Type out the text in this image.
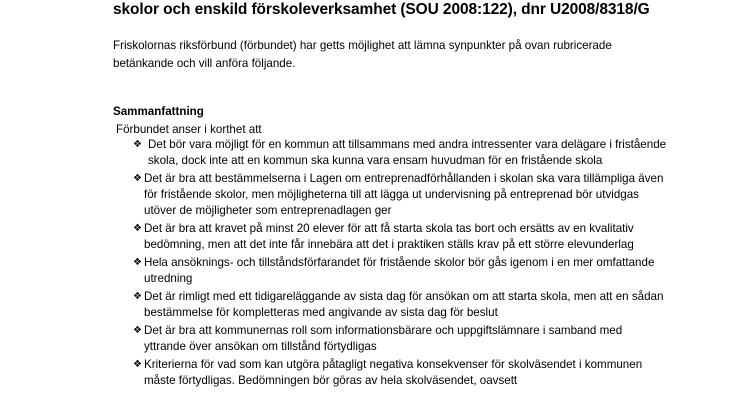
skolor och enskild förskoleverksamhet (SOU 2008:122), dnr U2008/8318/G

Friskolornas riksförbund (förbundet) har getts möjlighet att lämna synpunkter på ovan rubricerade betänkande och vill anföra följande.

Sammanfattning

Förbundet anser i korthet att

❖ Det bör vara möjligt för en kommun att tillsammans med andra intressenter vara delägare i fristående skola, dock inte att en kommun ska kunna vara ensam huvudman för en fristående skola
❖ Det är bra att bestämmelserna i Lagen om entreprenadförhållanden i skolan ska vara tillämpliga även för fristående skolor, men möjligheterna till att lägga ut undervisning på entreprenad bör utvidgas utöver de möjligheter som entreprenadlagen ger
❖ Det är bra att kravet på minst 20 elever för att få starta skola tas bort och ersätts av en kvalitativ bedömning, men att det inte får innebära att det i praktiken ställs krav på ett större elevunderlag
❖ Hela ansöknings- och tillståndsförfarandet för fristående skolor bör gås igenom i en mer omfattande utredning
❖ Det är rimligt med ett tidigareläggande av sista dag för ansökan om att starta skola, men att en sådan bestämmelse för kompletteras med angivande av sista dag för beslut
❖ Det är bra att kommunernas roll som informationsbärare och uppgiftslämnare i samband med yttrande över ansökan om tillstånd förtydligas
❖ Kriterierna för vad som kan utgöra påtagligt negativa konsekvenser för skolväsendet i kommunen måste förtydligas. Bedömningen bör göras av hela skolväsendet, oavsett
